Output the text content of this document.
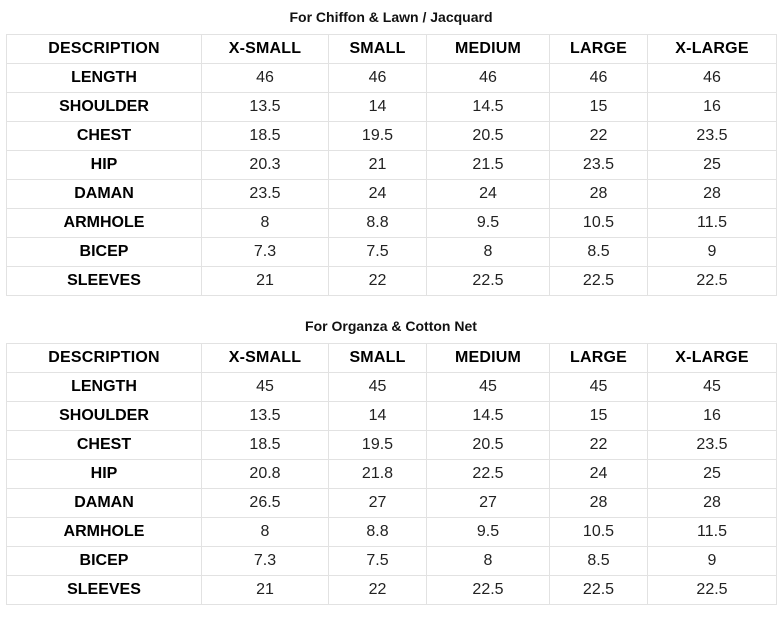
For Chiffon & Lawn / Jacquard
DESCRIPTION	X-SMALL	SMALL	MEDIUM	LARGE	X-LARGE
LENGTH	46	46	46	46	46
SHOULDER	13.5	14	14.5	15	16
CHEST	18.5	19.5	20.5	22	23.5
HIP	20.3	21	21.5	23.5	25
DAMAN	23.5	24	24	28	28
ARMHOLE	8	8.8	9.5	10.5	11.5
BICEP	7.3	7.5	8	8.5	9
SLEEVES	21	22	22.5	22.5	22.5
For Organza & Cotton Net
DESCRIPTION	X-SMALL	SMALL	MEDIUM	LARGE	X-LARGE
LENGTH	45	45	45	45	45
SHOULDER	13.5	14	14.5	15	16
CHEST	18.5	19.5	20.5	22	23.5
HIP	20.8	21.8	22.5	24	25
DAMAN	26.5	27	27	28	28
ARMHOLE	8	8.8	9.5	10.5	11.5
BICEP	7.3	7.5	8	8.5	9
SLEEVES	21	22	22.5	22.5	22.5
